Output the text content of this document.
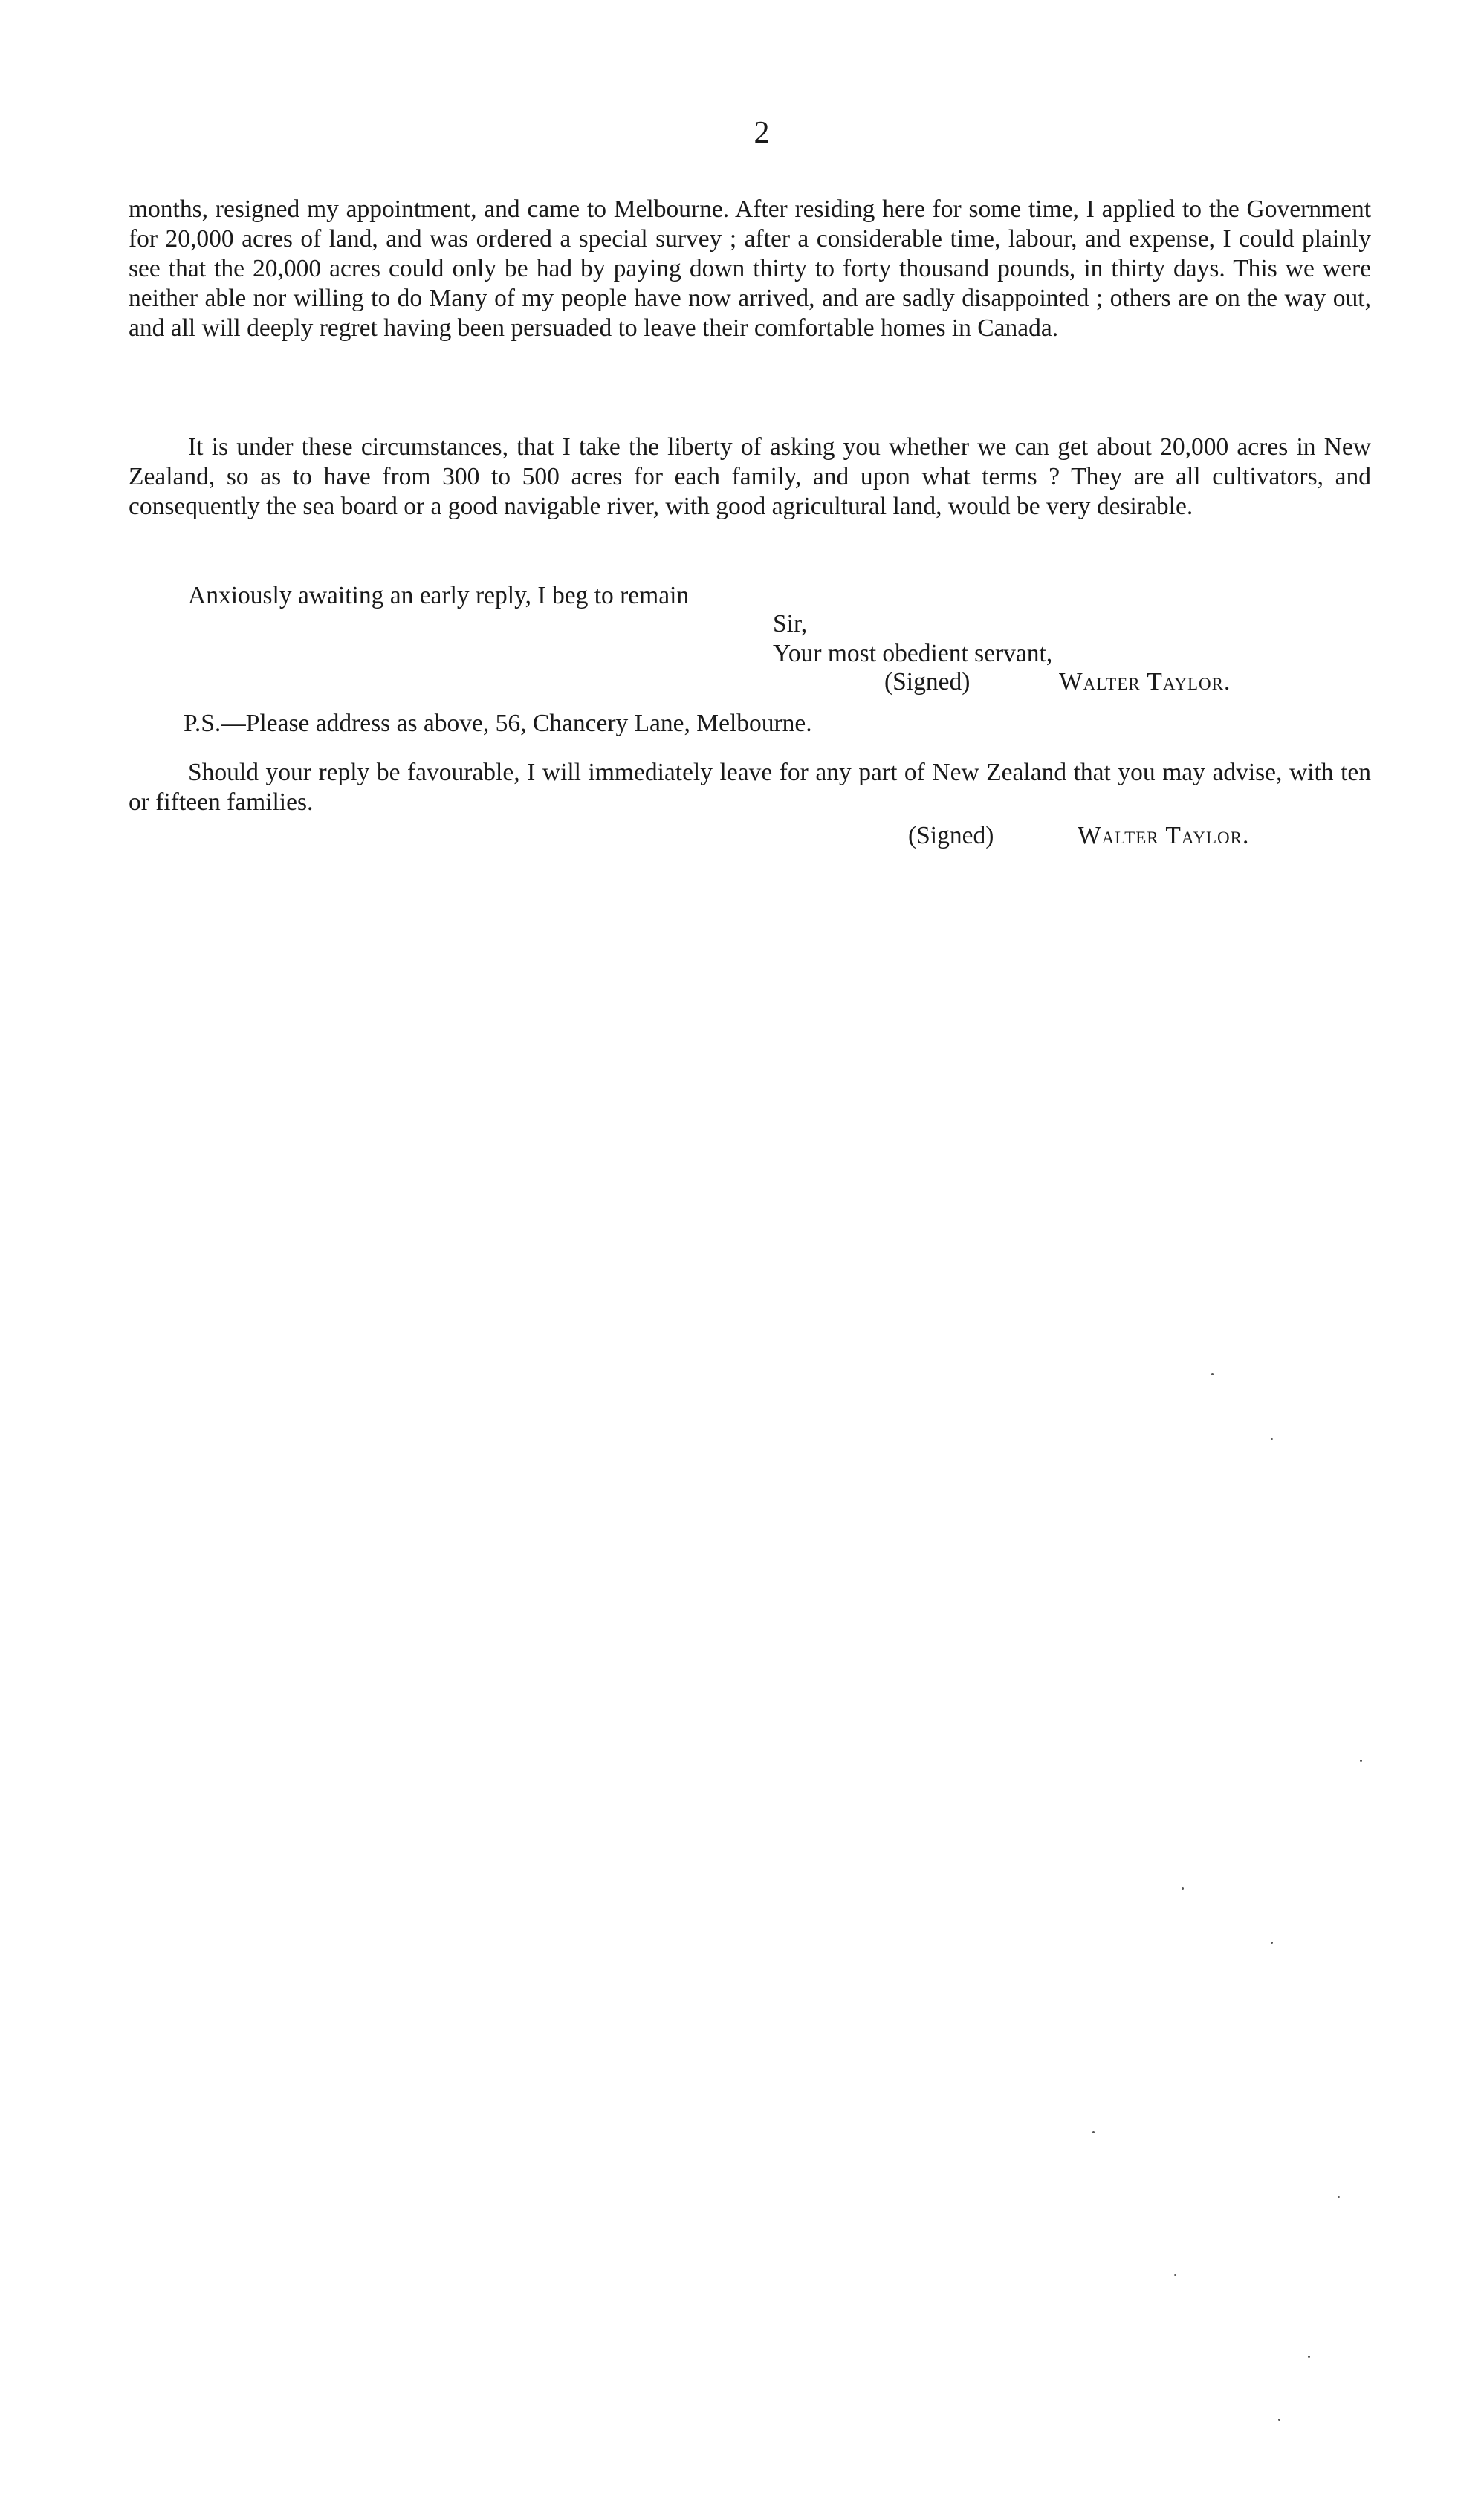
2

months, resigned my appointment, and came to Melbourne. After residing here for some time, I applied to the Government for 20,000 acres of land, and was ordered a special survey ; after a considerable time, labour, and expense, I could plainly see that the 20,000 acres could only be had by paying down thirty to forty thousand pounds, in thirty days. This we were neither able nor willing to do Many of my people have now arrived, and are sadly disappointed ; others are on the way out, and all will deeply regret having been persuaded to leave their comfortable homes in Canada.

It is under these circumstances, that I take the liberty of asking you whether we can get about 20,000 acres in New Zealand, so as to have from 300 to 500 acres for each family, and upon what terms ? They are all cultivators, and consequently the sea board or a good navigable river, with good agricultural land, would be very desirable.

Anxiously awaiting an early reply, I beg to remain
Sir,
Your most obedient servant,
(Signed)	Walter Taylor.
P.S.—Please address as above, 56, Chancery Lane, Melbourne.

Should your reply be favourable, I will immediately leave for any part of New Zealand that you may advise, with ten or fifteen families.

(Signed)	Walter Taylor.
